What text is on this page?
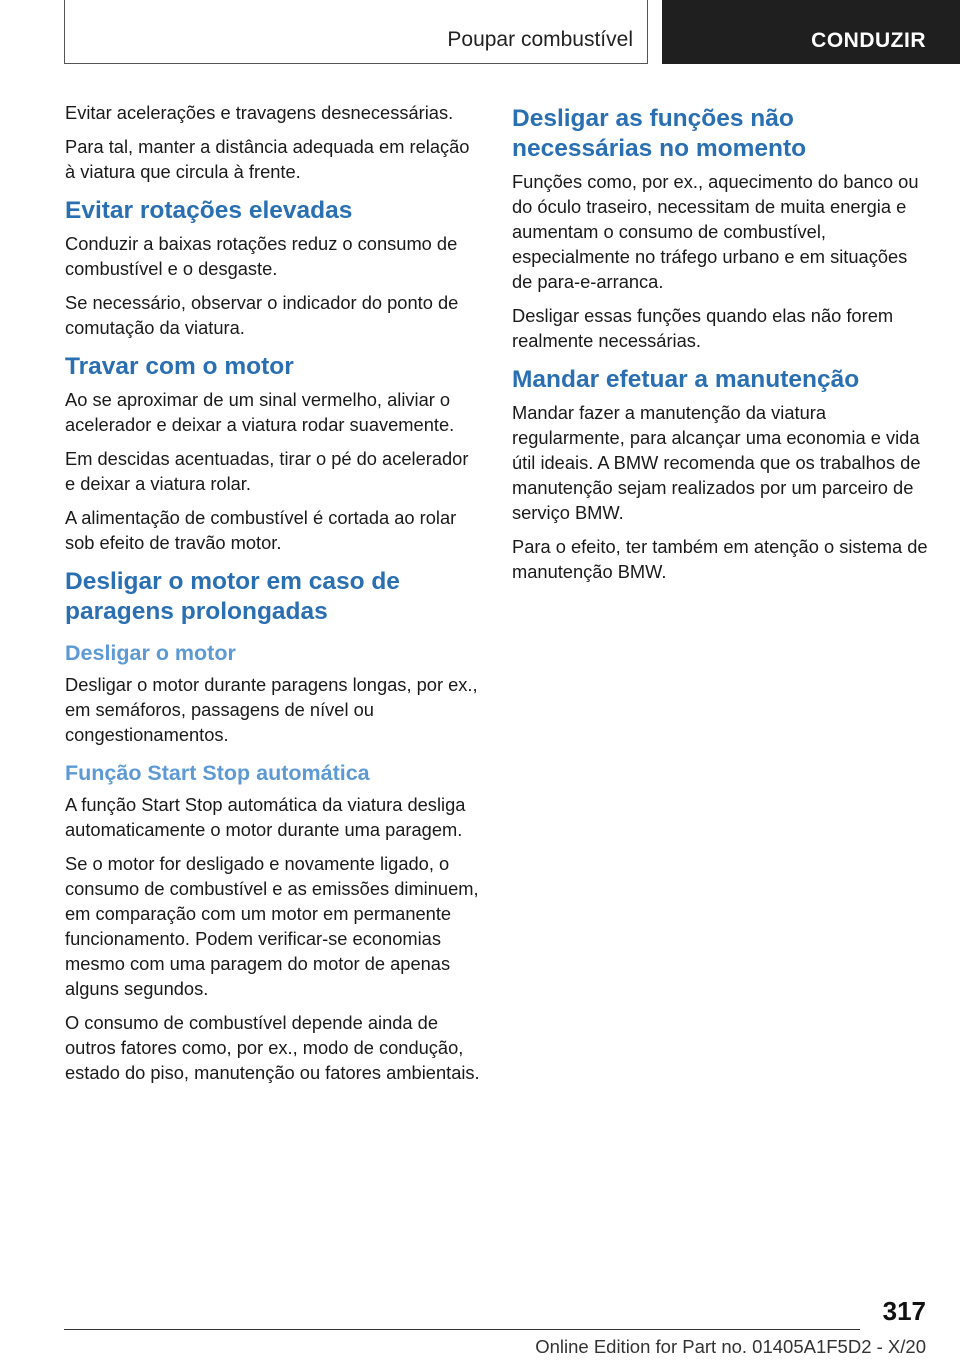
Poupar combustível	CONDUZIR

Evitar acelerações e travagens desnecessárias.

Para tal, manter a distância adequada em relação à viatura que circula à frente.

Evitar rotações elevadas

Conduzir a baixas rotações reduz o consumo de combustível e o desgaste.

Se necessário, observar o indicador do ponto de comutação da viatura.

Travar com o motor

Ao se aproximar de um sinal vermelho, aliviar o acelerador e deixar a viatura rodar suavemente.

Em descidas acentuadas, tirar o pé do acelerador e deixar a viatura rolar.

A alimentação de combustível é cortada ao rolar sob efeito de travão motor.

Desligar o motor em caso de paragens prolongadas
Desligar o motor

Desligar o motor durante paragens longas, por ex., em semáforos, passagens de nível ou congestionamentos.

Função Start Stop automática

A função Start Stop automática da viatura desliga automaticamente o motor durante uma paragem.

Se o motor for desligado e novamente ligado, o consumo de combustível e as emissões diminuem, em comparação com um motor em permanente funcionamento. Podem verificar-se economias mesmo com uma paragem do motor de apenas alguns segundos.

O consumo de combustível depende ainda de outros fatores como, por ex., modo de condução, estado do piso, manutenção ou fatores ambientais.

Desligar as funções não necessárias no momento

Funções como, por ex., aquecimento do banco ou do óculo traseiro, necessitam de muita energia e aumentam o consumo de combustível, especialmente no tráfego urbano e em situações de para-e-arranca.

Desligar essas funções quando elas não forem realmente necessárias.

Mandar efetuar a manutenção

Mandar fazer a manutenção da viatura regularmente, para alcançar uma economia e vida útil ideais. A BMW recomenda que os trabalhos de manutenção sejam realizados por um parceiro de serviço BMW.

Para o efeito, ter também em atenção o sistema de manutenção BMW.

317
Online Edition for Part no. 01405A1F5D2 - X/20
